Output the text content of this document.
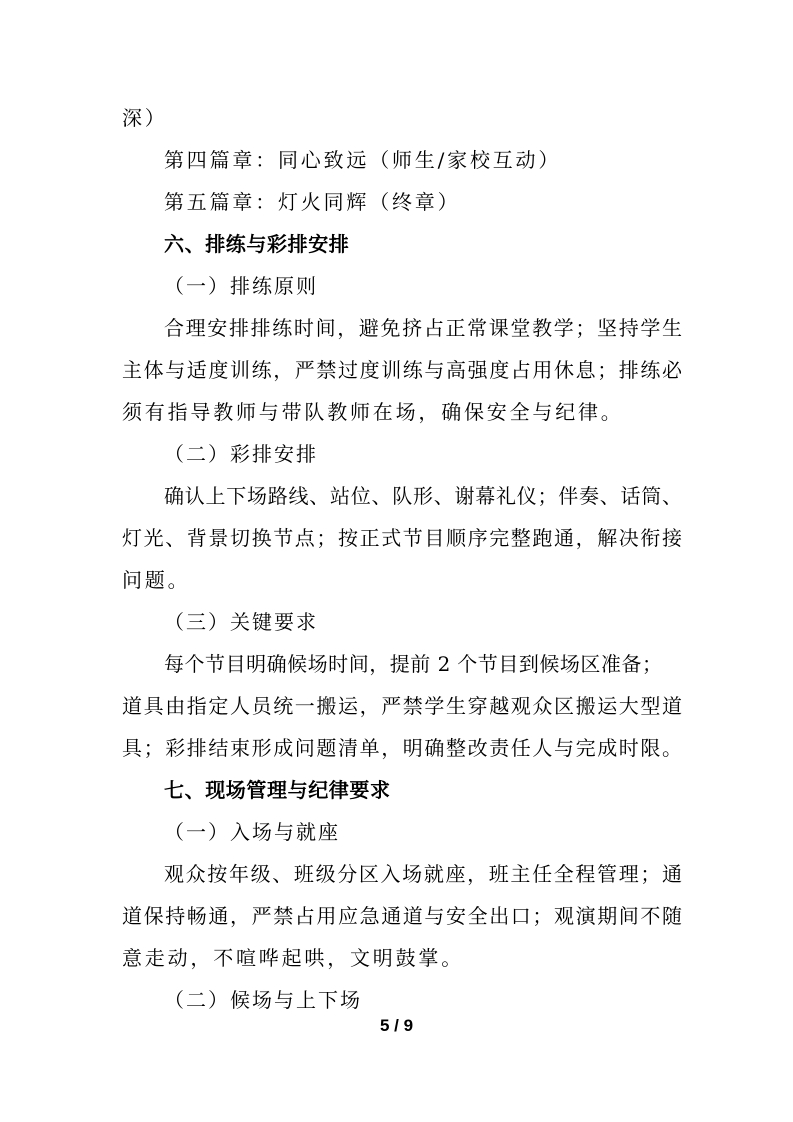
深）
第四篇章：同心致远（师生/家校互动）
第五篇章：灯火同辉（终章）
六、排练与彩排安排
（一）排练原则
合理安排排练时间，避免挤占正常课堂教学；坚持学生
主体与适度训练，严禁过度训练与高强度占用休息；排练必
须有指导教师与带队教师在场，确保安全与纪律。
（二）彩排安排
确认上下场路线、站位、队形、谢幕礼仪；伴奏、话筒、
灯光、背景切换节点；按正式节目顺序完整跑通，解决衔接
问题。
（三）关键要求
每个节目明确候场时间，提前 2 个节目到候场区准备；
道具由指定人员统一搬运，严禁学生穿越观众区搬运大型道
具；彩排结束形成问题清单，明确整改责任人与完成时限。
七、现场管理与纪律要求
（一）入场与就座
观众按年级、班级分区入场就座，班主任全程管理；通
道保持畅通，严禁占用应急通道与安全出口；观演期间不随
意走动，不喧哗起哄，文明鼓掌。
（二）候场与上下场
5 / 9
